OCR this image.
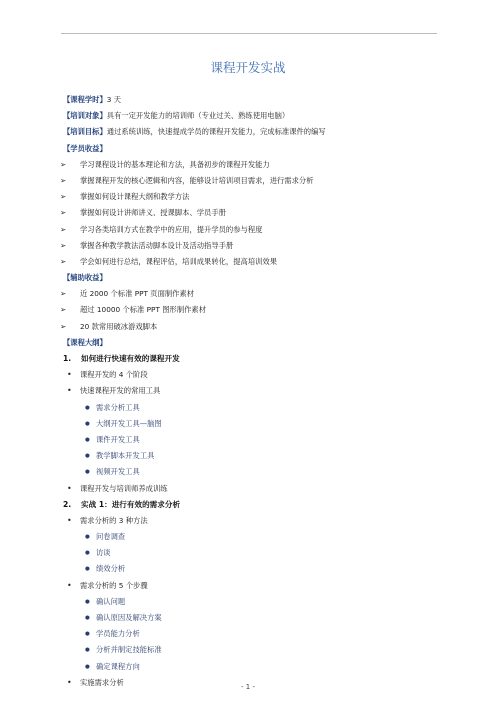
课程开发实战
【课程学时】3 天
【培训对象】具有一定开发能力的培训师（专业过关、熟练使用电脑）
【培训目标】通过系统训练，快速提成学员的课程开发能力，完成标准课件的编写
【学员收益】
➢ 学习课程设计的基本理论和方法，具备初步的课程开发能力
➢ 掌握课程开发的核心逻辑和内容，能够设计培训项目需求，进行需求分析
➢ 掌握如何设计课程大纲和教学方法
➢ 掌握如何设计讲师讲义、授课脚本、学员手册
➢ 学习各类培训方式在教学中的应用，提升学员的参与程度
➢ 掌握各种教学教法活动脚本设计及活动指导手册
➢ 学会如何进行总结，课程评估，培训成果转化，提高培训效果
【辅助收益】
➢ 近 2000 个标准 PPT 页面制作素材
➢ 超过 10000 个标准 PPT 图形制作素材
➢ 20 款常用破冰游戏脚本
【课程大纲】
1. 如何进行快速有效的课程开发
• 课程开发的 4 个阶段
• 快速课程开发的常用工具
● 需求分析工具
● 大纲开发工具—脑图
● 课件开发工具
● 教学脚本开发工具
● 视频开发工具
• 课程开发与培训师养成训练
2. 实战 1：进行有效的需求分析
• 需求分析的 3 种方法
● 问卷调查
● 访谈
● 绩效分析
• 需求分析的 5 个步骤
● 确认问题
● 确认原因及解决方案
● 学员能力分析
● 分析并制定技能标准
● 确定课程方向
• 实施需求分析
- 1 -
